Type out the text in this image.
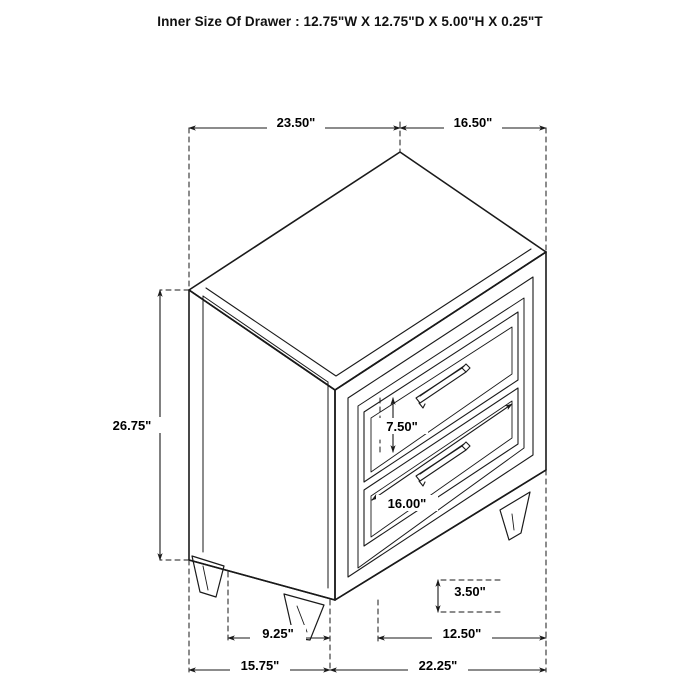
Inner Size Of Drawer : 12.75"W X 12.75"D X 5.00"H X 0.25"T
23.50"	16.50"
26.75"	7.50"
16.00"
3.50"
9.25"	12.50"
15.75"	22.25"
